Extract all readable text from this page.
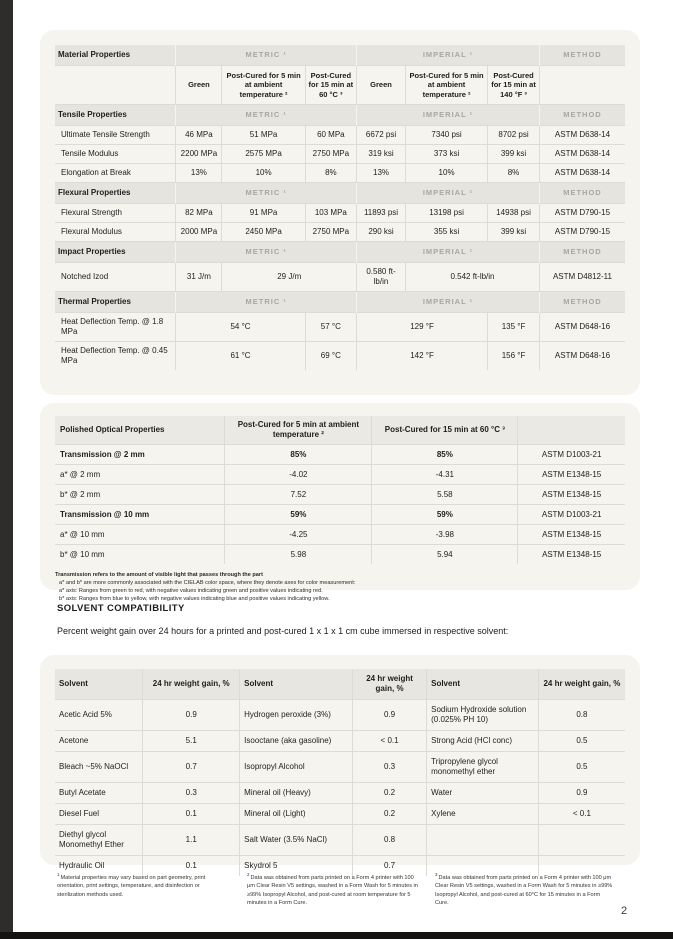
Material Properties	METRIC ¹			IMPERIAL ¹			METHOD
	Green	Post-Cured for 5 min at ambient temperature ²	Post-Cured for 15 min at 60 °C ³	Green	Post-Cured for 5 min at ambient temperature ²	Post-Cured for 15 min at 140 °F ³	
Tensile Properties	METRIC ¹			IMPERIAL ¹			METHOD
Ultimate Tensile Strength	46 MPa	51 MPa	60 MPa	6672 psi	7340 psi	8702 psi	ASTM D638-14
Tensile Modulus	2200 MPa	2575 MPa	2750 MPa	319 ksi	373 ksi	399 ksi	ASTM D638-14
Elongation at Break	13%	10%	8%	13%	10%	8%	ASTM D638-14
Flexural Properties	METRIC ¹			IMPERIAL ¹			METHOD
Flexural Strength	82 MPa	91 MPa	103 MPa	11893 psi	13198 psi	14938 psi	ASTM D790-15
Flexural Modulus	2000 MPa	2450 MPa	2750 MPa	290 ksi	355 ksi	399 ksi	ASTM D790-15
Impact Properties	METRIC ¹			IMPERIAL ¹			METHOD
Notched Izod	31 J/m	29 J/m		0.580 ft-lb/in	0.542 ft-lb/in		ASTM D4812-11
Thermal Properties	METRIC ¹			IMPERIAL ¹			METHOD
Heat Deflection Temp. @ 1.8 MPa	54 °C		57 °C	129 °F		135 °F	ASTM D648-16
Heat Deflection Temp. @ 0.45 MPa	61 °C		69 °C	142 °F		156 °F	ASTM D648-16
Polished Optical Properties	Post-Cured for 5 min at ambient temperature ²	Post-Cured for 15 min at 60 °C ³	
Transmission @ 2 mm	85%	85%	ASTM D1003-21
a* @ 2 mm	-4.02	-4.31	ASTM E1348-15
b* @ 2 mm	7.52	5.58	ASTM E1348-15
Transmission @ 10 mm	59%	59%	ASTM D1003-21
a* @ 10 mm	-4.25	-3.98	ASTM E1348-15
b* @ 10 mm	5.98	5.94	ASTM E1348-15
Transmission refers to the amount of visible light that passes through the part
a* and b* are more commonly associated with the CIELAB color space, where they denote axes for color measurement:
a* axis: Ranges from green to red, with negative values indicating green and positive values indicating red.
b* axis: Ranges from blue to yellow, with negative values indicating blue and positive values indicating yellow.
SOLVENT COMPATIBILITY
Percent weight gain over 24 hours for a printed and post-cured 1 x 1 x 1 cm cube immersed in respective solvent:
Solvent	24 hr weight gain, %	Solvent	24 hr weight gain, %	Solvent	24 hr weight gain, %
Acetic Acid 5%	0.9	Hydrogen peroxide (3%)	0.9	Sodium Hydroxide solution (0.025% PH 10)	0.8
Acetone	5.1	Isooctane (aka gasoline)	< 0.1	Strong Acid (HCl conc)	0.5
Bleach ~5% NaOCl	0.7	Isopropyl Alcohol	0.3	Tripropylene glycol monomethyl ether	0.5
Butyl Acetate	0.3	Mineral oil (Heavy)	0.2	Water	0.9
Diesel Fuel	0.1	Mineral oil (Light)	0.2	Xylene	< 0.1
Diethyl glycol Monomethyl Ether	1.1	Salt Water (3.5% NaCl)	0.8		
Hydraulic Oil	0.1	Skydrol 5	0.7		
$^1$Material properties may vary based on part geometry, print orientation, print settings, temperature, and disinfection or sterilization methods used.
$^2$Data was obtained from parts printed on a Form 4 printer with 100 μm Clear Resin V5 settings, washed in a Form Wash for 5 minutes in ≥99% Isopropyl Alcohol, and post-cured at room temperature for 5 minutes in a Form Cure.
$^3$Data was obtained from parts printed on a Form 4 printer with 100 μm Clear Resin V5 settings, washed in a Form Wash for 5 minutes in ≥99% Isopropyl Alcohol, and post-cured at 60°C for 15 minutes in a Form Cure.
2
